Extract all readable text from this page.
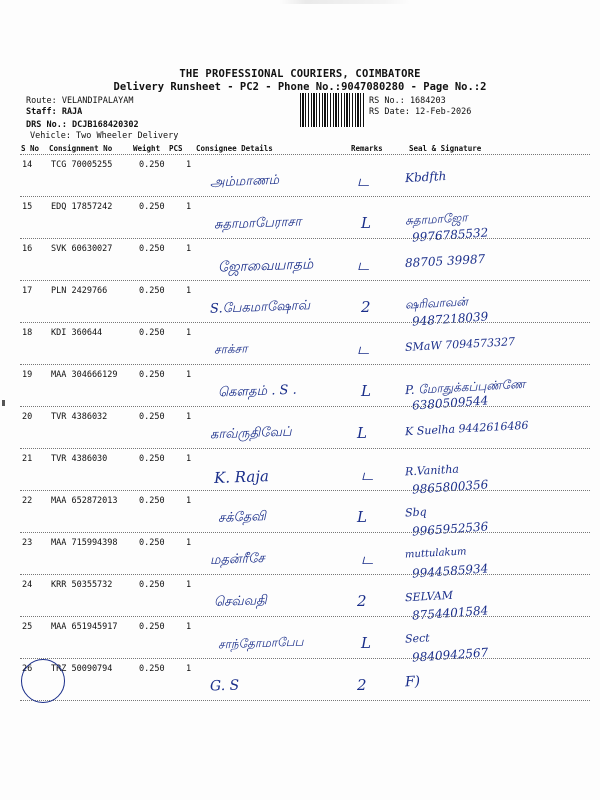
THE PROFESSIONAL COURIERS, COIMBATORE
Delivery Runsheet - PC2 - Phone No.:9047080280 - Page No.:2
Route: VELANDIPALAYAM
Staff: RAJA
DRS No.: DCJB168420302
Vehicle: Two Wheeler Delivery
RS No.: 1684203
RS Date: 12-Feb-2026
S No Consignment No	Weight PCS Consignee Details	Remarks	Seal & Signature
14 TCG 70005255	0.250	1
அம்மாணம்	ட	Kbdfth
15 EDQ 17857242	0.250	1
சுதாமாபேராசா	L	சுதாமாஜோ
9976785532
16 SVK 60630027	0.250	1
ஜோவையாதம்	ட	88705 39987
17 PLN 2429766	0.250	1
S.பேகமாஷோவ்	2	ஷரிவாவன்
9487218039
18 KDI 360644	0.250	1
சாக்சா	ட	SMaW 7094573327
19 MAA 304666129	0.250	1
கௌதம் . S .	L	P. மோதுக்கப்புண்ணே
6380509544
20 TVR 4386032	0.250	1
காவ்ருதிவேப்	L	K Suelha 9442616486
21 TVR 4386030	0.250	1
K. Raja	ட	R.Vanitha
9865800356
22 MAA 652872013	0.250	1
சக்தேவி	L	Sbq
9965952536
23 MAA 715994398	0.250	1
மதன்ரீசே	ட	muttulakum
9944585934
24 KRR 50355732	0.250	1
செவ்வதி	2	SELVAM
8754401584
25 MAA 651945917	0.250	1
சாந்தோமாபேப	L	Sect
9840942567
26 TRZ 50090794	0.250	1
G. S	2	F)
